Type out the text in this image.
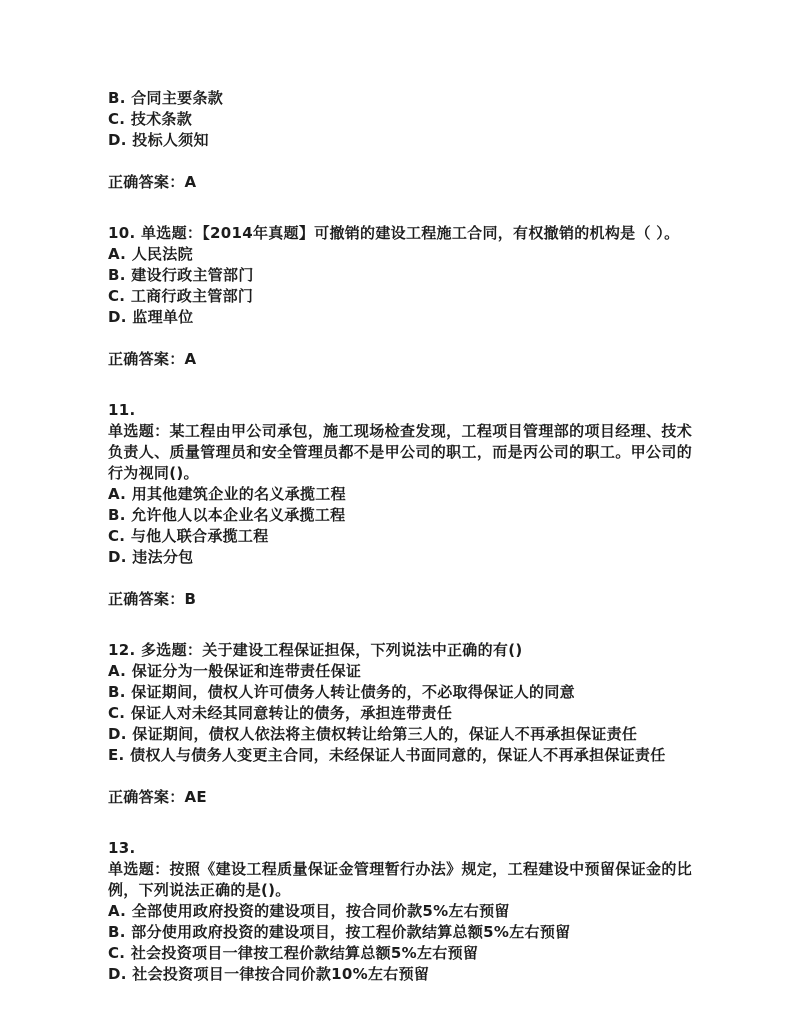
B. 合同主要条款
C. 技术条款
D. 投标人须知
正确答案：A
10. 单选题：【2014年真题】可撤销的建设工程施工合同，有权撤销的机构是（ ）。
A. 人民法院
B. 建设行政主管部门
C. 工商行政主管部门
D. 监理单位
正确答案：A
11.
单选题：某工程由甲公司承包，施工现场检查发现，工程项目管理部的项目经理、技术负责人、质量管理员和安全管理员都不是甲公司的职工，而是丙公司的职工。甲公司的行为视同()。
A. 用其他建筑企业的名义承揽工程
B. 允许他人以本企业名义承揽工程
C. 与他人联合承揽工程
D. 违法分包
正确答案：B
12. 多选题：关于建设工程保证担保，下列说法中正确的有()
A. 保证分为一般保证和连带责任保证
B. 保证期间，债权人许可债务人转让债务的，不必取得保证人的同意
C. 保证人对未经其同意转让的债务，承担连带责任
D. 保证期间，债权人依法将主债权转让给第三人的，保证人不再承担保证责任
E. 债权人与债务人变更主合同，未经保证人书面同意的，保证人不再承担保证责任
正确答案：AE
13.
单选题：按照《建设工程质量保证金管理暂行办法》规定，工程建设中预留保证金的比例，下列说法正确的是()。
A. 全部使用政府投资的建设项目，按合同价款5%左右预留
B. 部分使用政府投资的建设项目，按工程价款结算总额5%左右预留
C. 社会投资项目一律按工程价款结算总额5%左右预留
D. 社会投资项目一律按合同价款10%左右预留
